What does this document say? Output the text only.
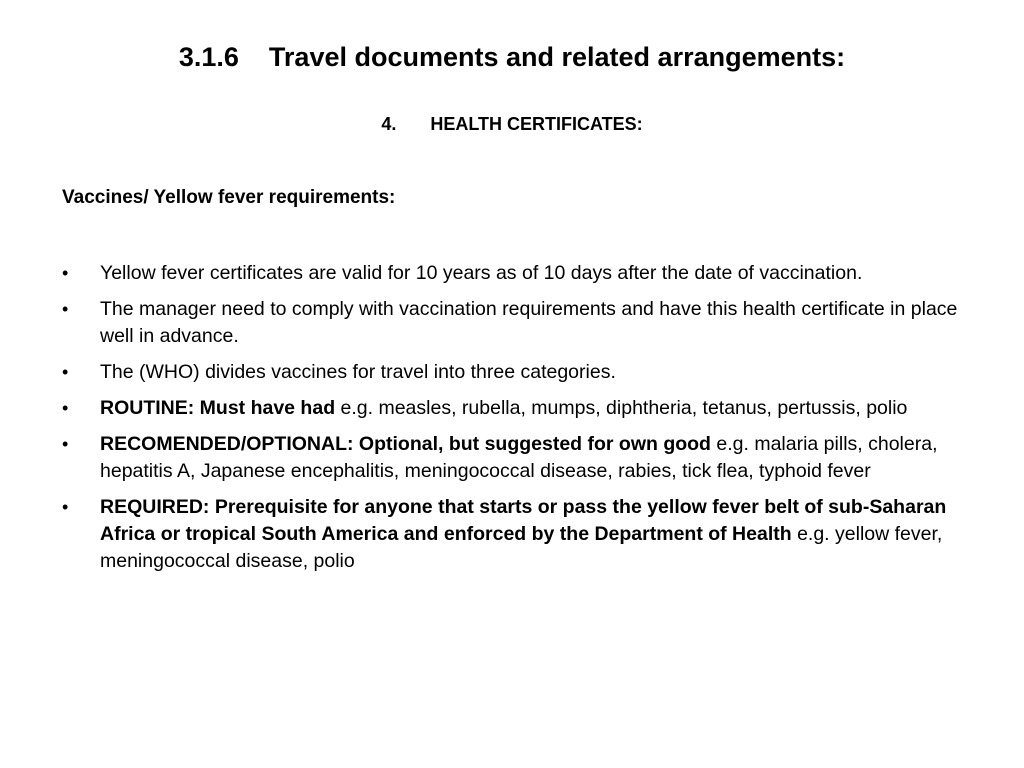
3.1.6 Travel documents and related arrangements:
4. HEALTH CERTIFICATES:
Vaccines/ Yellow fever requirements:
• Yellow fever certificates are valid for 10 years as of 10 days after the date of vaccination.
• The manager need to comply with vaccination requirements and have this health certificate in place well in advance.
• The (WHO) divides vaccines for travel into three categories.
• ROUTINE: Must have had e.g. measles, rubella, mumps, diphtheria, tetanus, pertussis, polio
• RECOMENDED/OPTIONAL: Optional, but suggested for own good e.g. malaria pills, cholera, hepatitis A, Japanese encephalitis, meningococcal disease, rabies, tick flea, typhoid fever
• REQUIRED: Prerequisite for anyone that starts or pass the yellow fever belt of sub-Saharan Africa or tropical South America and enforced by the Department of Health e.g. yellow fever, meningococcal disease, polio
